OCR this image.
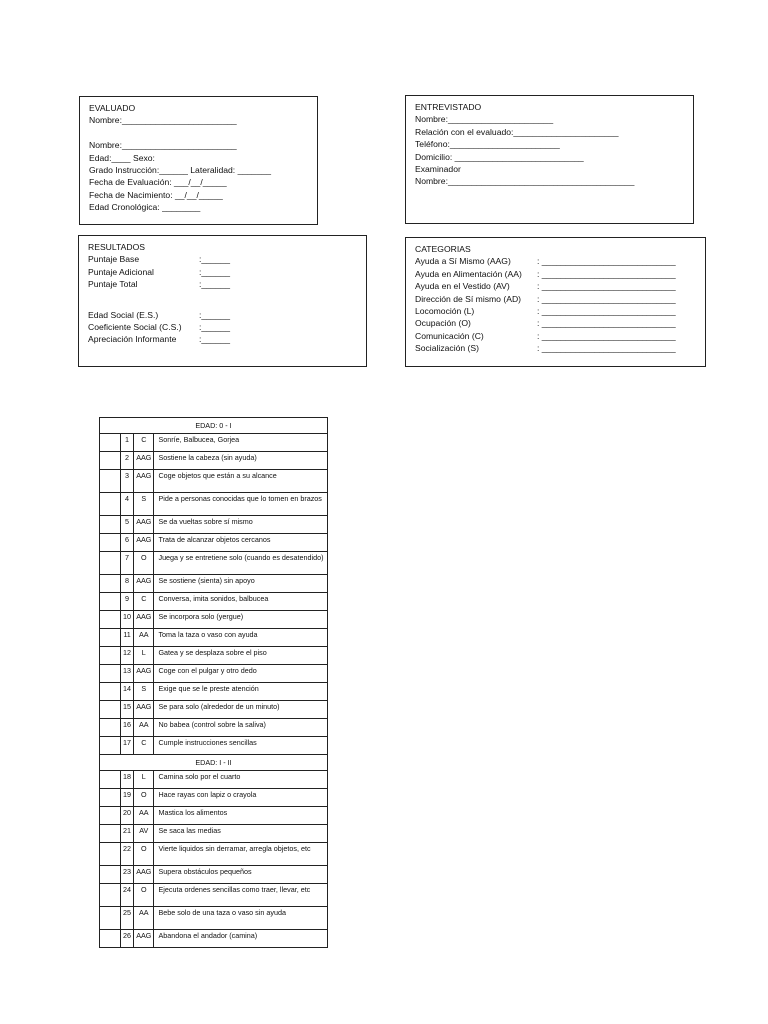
EVALUADO
Nombre:________________________

Nombre:________________________
Edad:____ Sexo:
Grado Instrucción:______ Lateralidad: _______
Fecha de Evaluación: ___/__/_____
Fecha de Nacimiento: __/__/_____
Edad Cronológica: ________
ENTREVISTADO
Nombre:______________________
Relación con el evaluado:______________________
Teléfono:_______________________
Domicilio: ___________________________
Examinador
Nombre:_______________________________________
RESULTADOS
Puntaje Base	:______
Puntaje Adicional	:______
Puntaje Total	:______
Edad Social (E.S.)	:______
Coeficiente Social (C.S.)	:______
Apreciación Informante	:______
CATEGORIAS
Ayuda a Sí Mismo (AAG)	: ____________________________
Ayuda en Alimentación (AA)	: ____________________________
Ayuda en el Vestido (AV)	: ____________________________
Dirección de Sí mismo (AD)	: ____________________________
Locomoción (L)	: ____________________________
Ocupación (O)	: ____________________________
Comunicación (C)	: ____________________________
Socialización (S)	: ____________________________
EDAD: 0 - I			
	1	C	Sonríe, Balbucea, Gorjea
	2	AAG	Sostiene la cabeza (sin ayuda)
	3	AAG	Coge objetos que están a su alcance
	4	S	Pide a personas conocidas que lo tomen en brazos
	5	AAG	Se da vueltas sobre sí mismo
	6	AAG	Trata de alcanzar objetos cercanos
	7	O	Juega y se entretiene solo (cuando es desatendido)
	8	AAG	Se sostiene (sienta) sin apoyo
	9	C	Conversa, imita sonidos, balbucea
	10	AAG	Se incorpora solo (yergue)
	11	AA	Toma la taza o vaso con ayuda
	12	L	Gatea y se desplaza sobre el piso
	13	AAG	Coge con el pulgar y otro dedo
	14	S	Exige que se le preste atención
	15	AAG	Se para solo (alrededor de un minuto)
	16	AA	No babea (control sobre la saliva)
	17	C	Cumple instrucciones sencillas
EDAD: I - II			
	18	L	Camina solo por el cuarto
	19	O	Hace rayas con lapiz o crayola
	20	AA	Mastica los alimentos
	21	AV	Se saca las medias
	22	O	Vierte liquidos sin derramar, arregla objetos, etc
	23	AAG	Supera obstáculos pequeños
	24	O	Ejecuta ordenes sencillas como traer, llevar, etc
	25	AA	Bebe solo de una taza o vaso sin ayuda
	26	AAG	Abandona el andador (camina)
